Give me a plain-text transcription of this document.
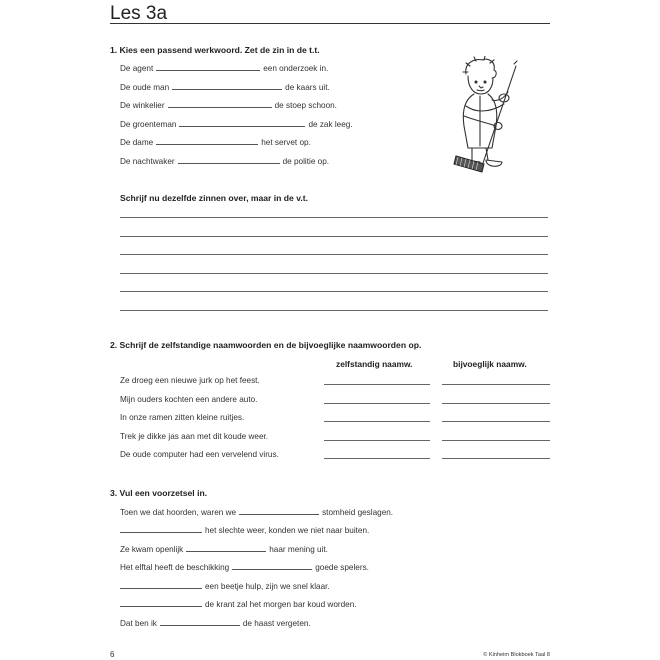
Les 3a
1. Kies een passend werkwoord. Zet de zin in de t.t.
De agent	een onderzoek in.
De oude man	de kaars uit.
De winkelier	de stoep schoon.
De groenteman	de zak leeg.
De dame	het servet op.
De nachtwaker	de politie op.
Schrijf nu dezelfde zinnen over, maar in de v.t.
2. Schrijf de zelfstandige naamwoorden en de bijvoeglijke naamwoorden op.
zelfstandig naamw.	bijvoeglijk naamw.
Ze droeg een nieuwe jurk op het feest.
Mijn ouders kochten een andere auto.
In onze ramen zitten kleine ruitjes.
Trek je dikke jas aan met dit koude weer.
De oude computer had een vervelend virus.
3. Vul een voorzetsel in.
Toen we dat hoorden, waren we	stomheid geslagen.
het slechte weer, konden we niet naar buiten.
Ze kwam openlijk	haar mening uit.
Het elftal heeft de beschikking	goede spelers.
een beetje hulp, zijn we snel klaar.
de krant zal het morgen bar koud worden.
Dat ben ik	de haast vergeten.
6	© Kinheim Blokboek Taal 8
